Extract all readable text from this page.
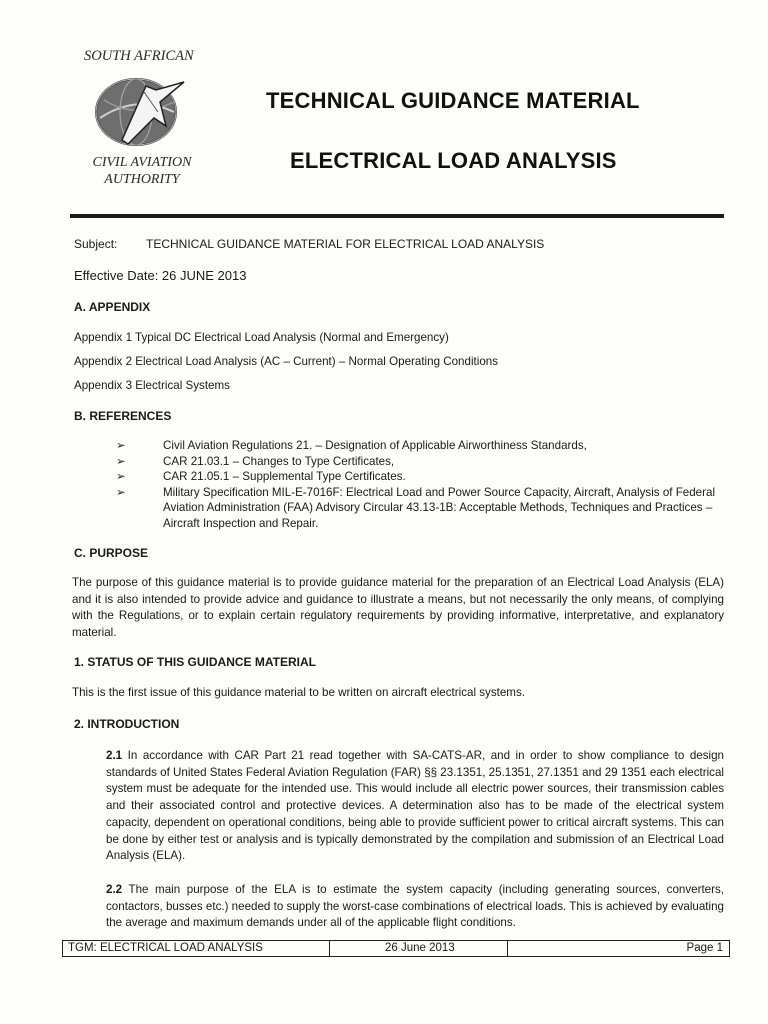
SOUTH AFRICAN
CIVIL AVIATION
AUTHORITY
TECHNICAL GUIDANCE MATERIAL
ELECTRICAL LOAD ANALYSIS
Subject: TECHNICAL GUIDANCE MATERIAL FOR ELECTRICAL LOAD ANALYSIS
Effective Date: 26 JUNE 2013
A. APPENDIX
Appendix 1 Typical DC Electrical Load Analysis (Normal and Emergency)
Appendix 2 Electrical Load Analysis (AC – Current) – Normal Operating Conditions
Appendix 3 Electrical Systems
B. REFERENCES
➢	Civil Aviation Regulations 21. – Designation of Applicable Airworthiness Standards,
➢	CAR 21.03.1 – Changes to Type Certificates,
➢	CAR 21.05.1 – Supplemental Type Certificates.
➢	Military Specification MIL-E-7016F: Electrical Load and Power Source Capacity, Aircraft, Analysis of Federal Aviation Administration (FAA) Advisory Circular 43.13-1B: Acceptable Methods, Techniques and Practices – Aircraft Inspection and Repair.
C. PURPOSE
The purpose of this guidance material is to provide guidance material for the preparation of an Electrical Load Analysis (ELA) and it is also intended to provide advice and guidance to illustrate a means, but not necessarily the only means, of complying with the Regulations, or to explain certain regulatory requirements by providing informative, interpretative, and explanatory material.
1. STATUS OF THIS GUIDANCE MATERIAL
This is the first issue of this guidance material to be written on aircraft electrical systems.
2. INTRODUCTION
2.1 In accordance with CAR Part 21 read together with SA-CATS-AR, and in order to show compliance to design standards of United States Federal Aviation Regulation (FAR) §§ 23.1351, 25.1351, 27.1351 and 29 1351 each electrical system must be adequate for the intended use. This would include all electric power sources, their transmission cables and their associated control and protective devices. A determination also has to be made of the electrical system capacity, dependent on operational conditions, being able to provide sufficient power to critical aircraft systems. This can be done by either test or analysis and is typically demonstrated by the compilation and submission of an Electrical Load Analysis (ELA).
2.2 The main purpose of the ELA is to estimate the system capacity (including generating sources, converters, contactors, busses etc.) needed to supply the worst-case combinations of electrical loads. This is achieved by evaluating the average and maximum demands under all of the applicable flight conditions.
TGM: ELECTRICAL LOAD ANALYSIS	26 June 2013	Page 1
